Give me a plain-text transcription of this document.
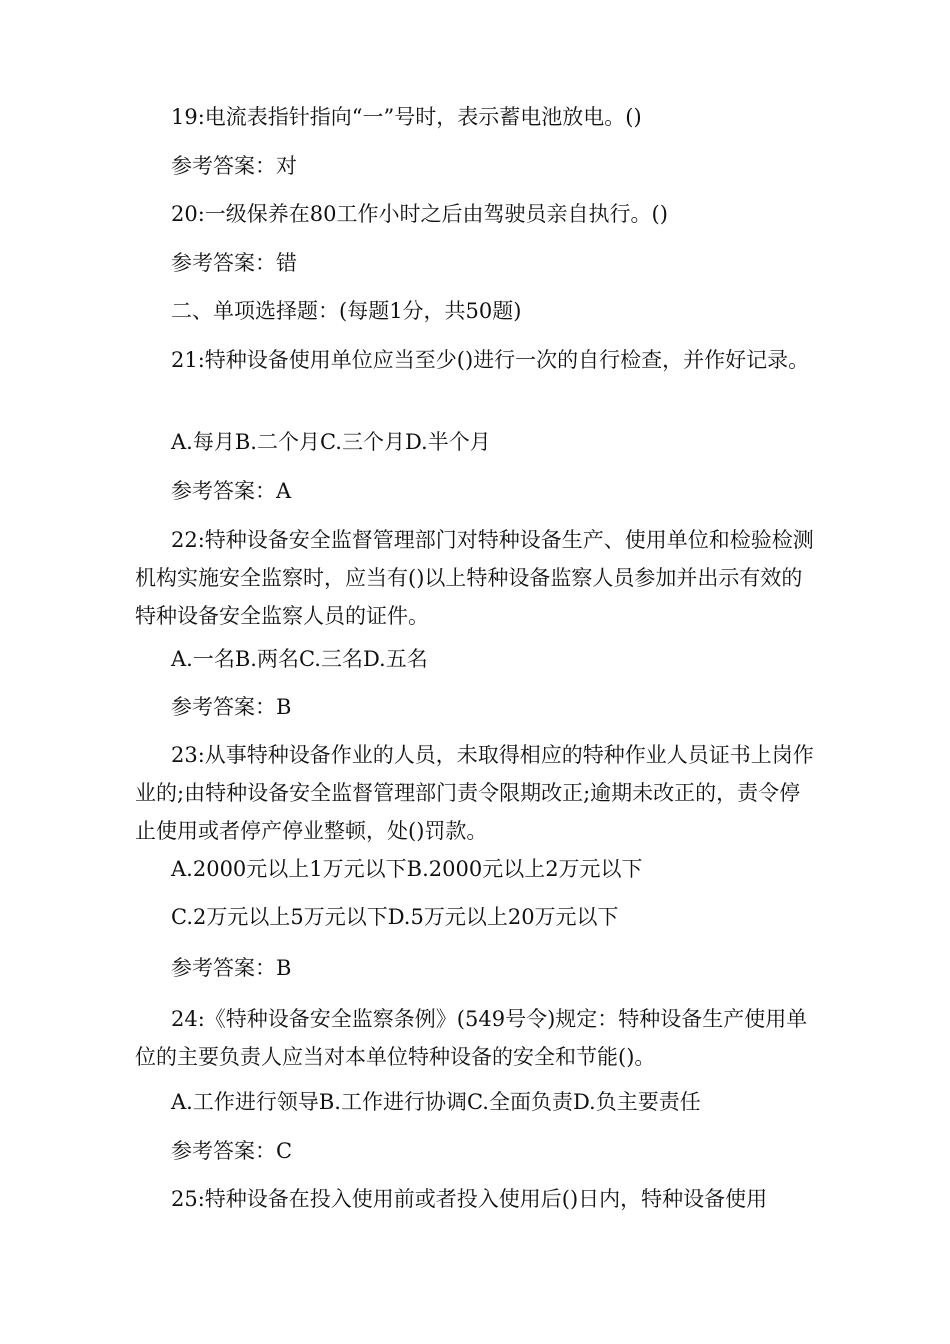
19:电流表指针指向“一”号时，表示蓄电池放电。()

参考答案：对

20:一级保养在80工作小时之后由驾驶员亲自执行。()

参考答案：错

二、单项选择题：(每题1分，共50题)

21:特种设备使用单位应当至少()进行一次的自行检查，并作好记录。

A.每月B.二个月C.三个月D.半个月

参考答案：A

22:特种设备安全监督管理部门对特种设备生产、使用单位和检验检测机构实施安全监察时，应当有()以上特种设备监察人员参加并出示有效的特种设备安全监察人员的证件。

A.一名B.两名C.三名D.五名

参考答案：B

23:从事特种设备作业的人员，未取得相应的特种作业人员证书上岗作业的;由特种设备安全监督管理部门责令限期改正;逾期未改正的，责令停止使用或者停产停业整顿，处()罚款。

A.2000元以上1万元以下B.2000元以上2万元以下

C.2万元以上5万元以下D.5万元以上20万元以下

参考答案：B

24:《特种设备安全监察条例》(549号令)规定：特种设备生产使用单位的主要负责人应当对本单位特种设备的安全和节能()。

A.工作进行领导B.工作进行协调C.全面负责D.负主要责任

参考答案：C

25:特种设备在投入使用前或者投入使用后()日内，特种设备使用
